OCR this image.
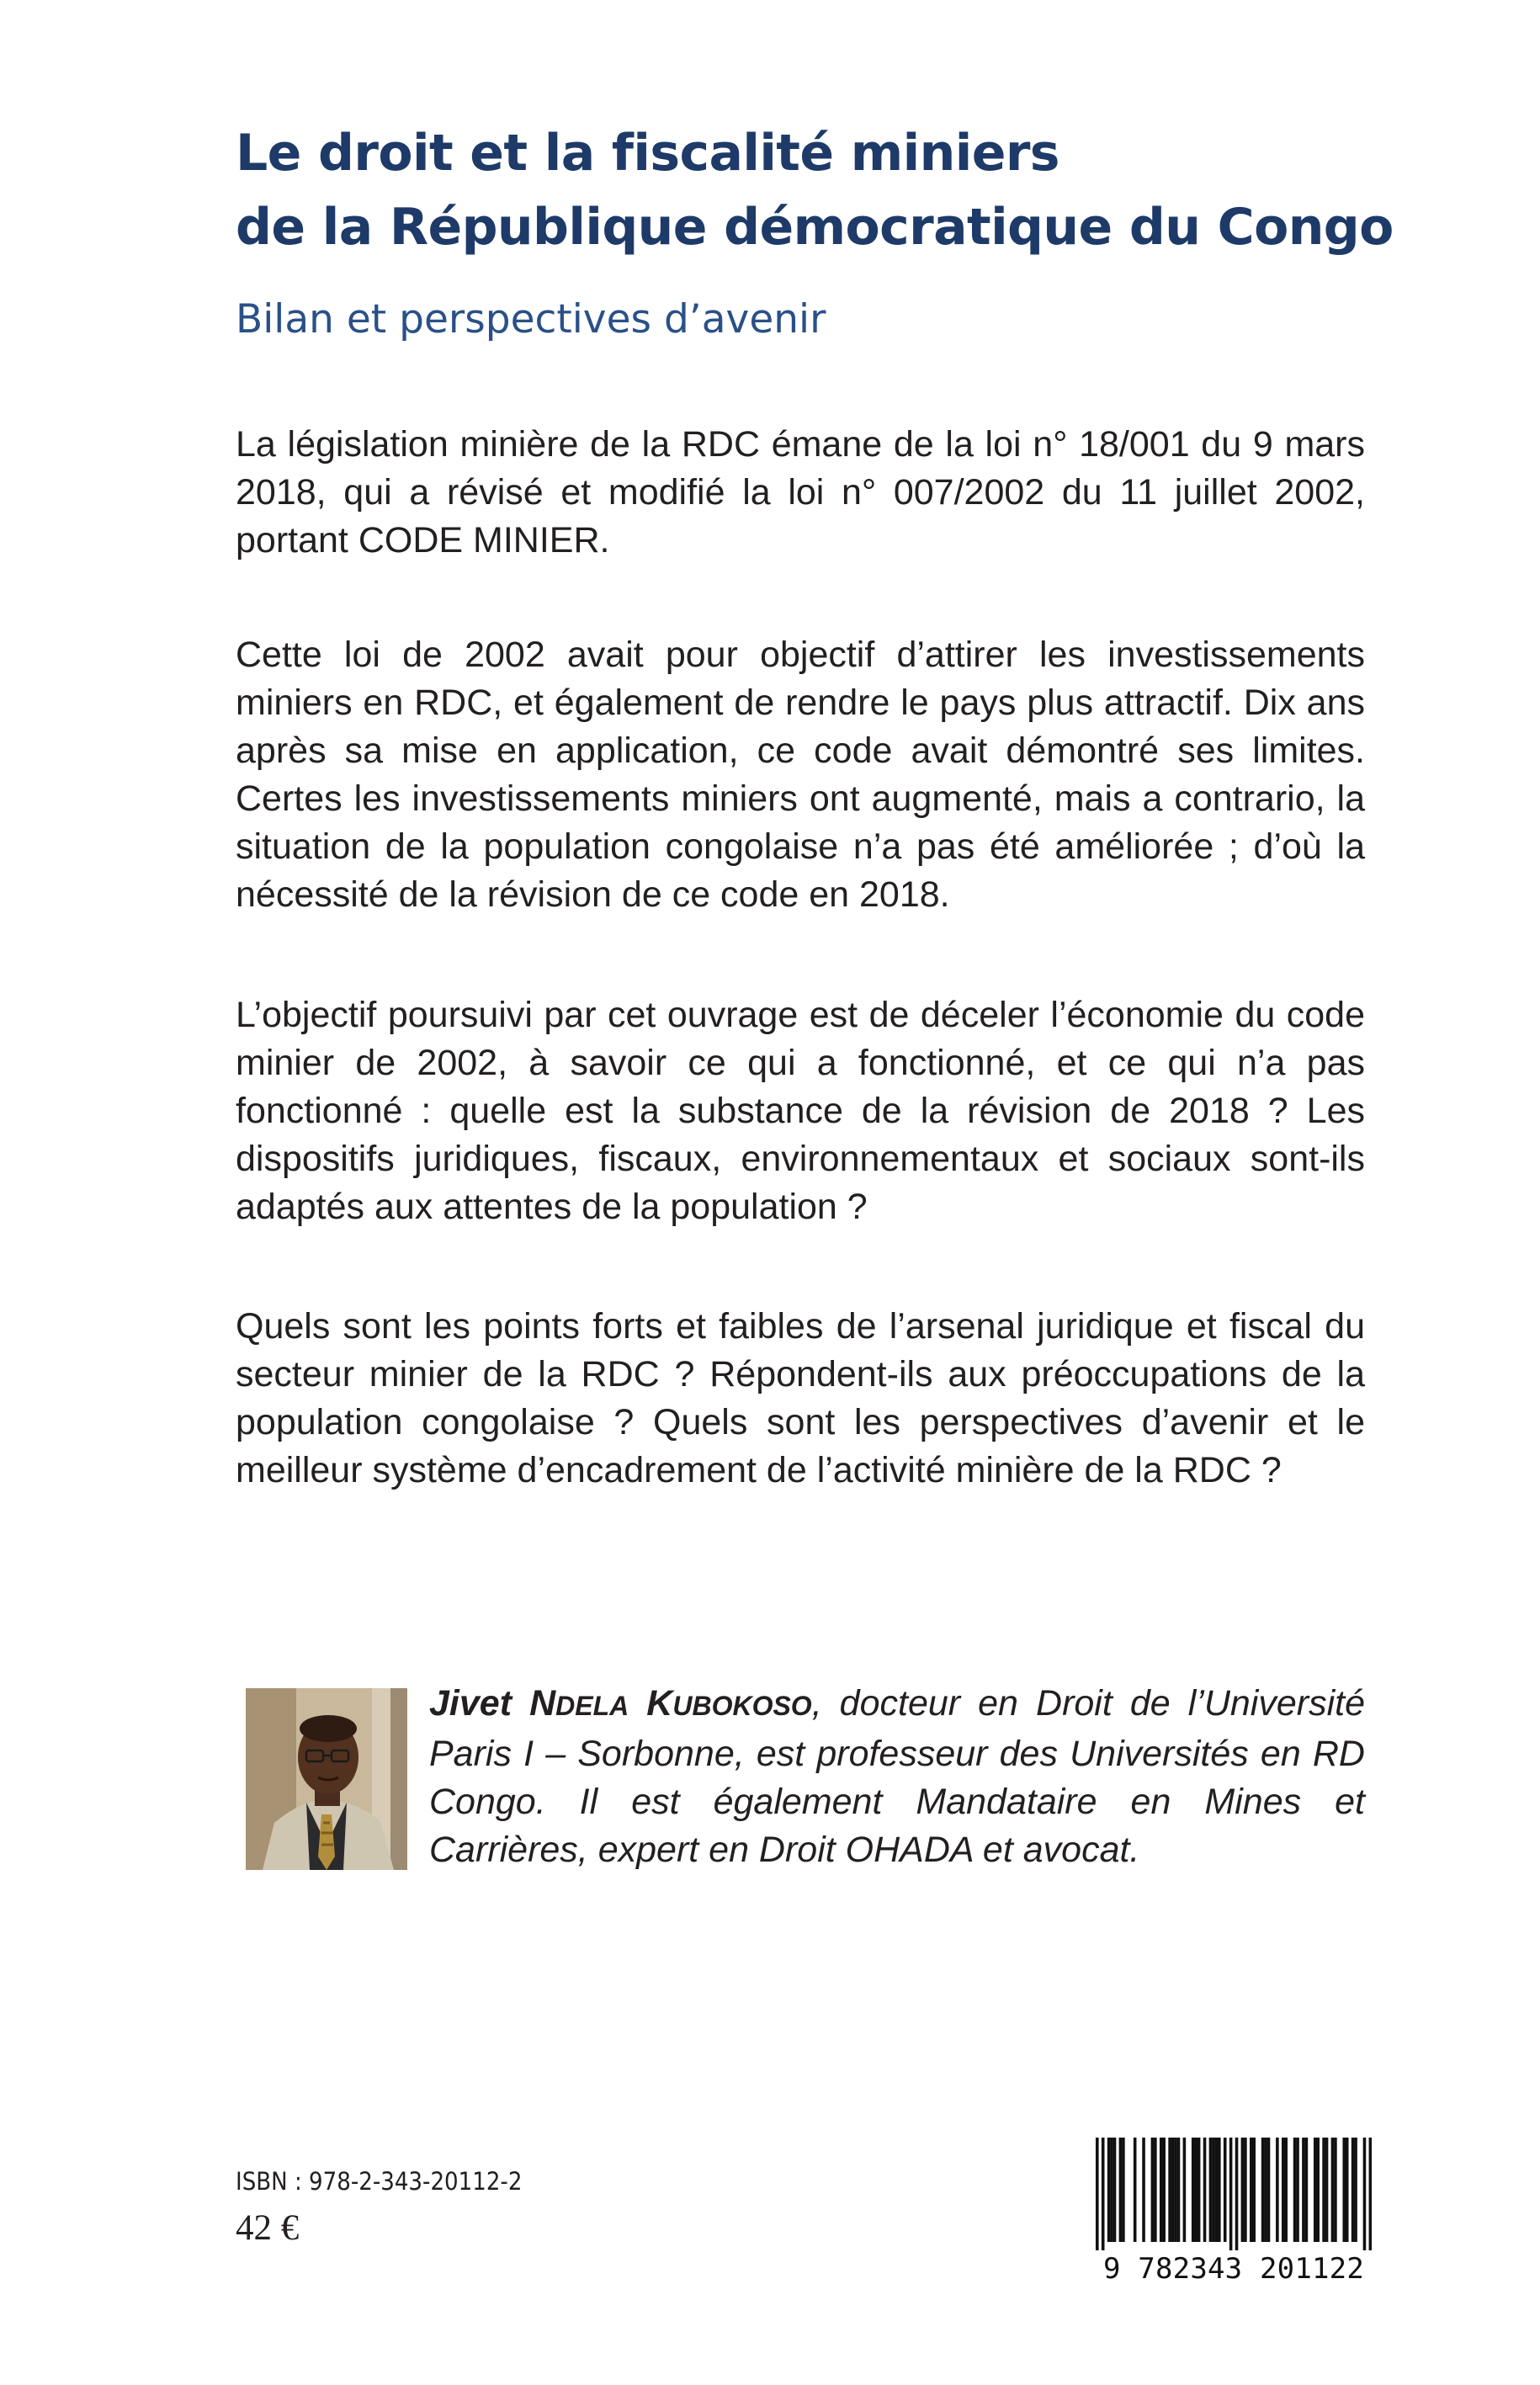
Le droit et la fiscalité miniers
de la République démocratique du Congo
Bilan et perspectives d’avenir

La législation minière de la RDC émane de la loi n° 18/001 du 9 mars 2018, qui a révisé et modifié la loi n° 007/2002 du 11 juillet 2002, portant CODE MINIER.

Cette loi de 2002 avait pour objectif d’attirer les investissements miniers en RDC, et également de rendre le pays plus attractif. Dix ans après sa mise en application, ce code avait démontré ses limites. Certes les investissements miniers ont augmenté, mais a contrario, la situation de la population congolaise n’a pas été améliorée ; d’où la nécessité de la révision de ce code en 2018.

L’objectif poursuivi par cet ouvrage est de déceler l’économie du code minier de 2002, à savoir ce qui a fonctionné, et ce qui n’a pas fonctionné : quelle est la substance de la révision de 2018 ? Les dispositifs juridiques, fiscaux, environnementaux et sociaux sont-ils adaptés aux attentes de la population ?

Quels sont les points forts et faibles de l’arsenal juridique et fiscal du secteur minier de la RDC ? Répondent-ils aux préoccupations de la population congolaise ? Quels sont les perspectives d’avenir et le meilleur système d’encadrement de l’activité minière de la RDC ?

Jivet NDELA KUBOKOSO, docteur en Droit de l’Université Paris I – Sorbonne, est professeur des Universités en RD Congo. Il est également Mandataire en Mines et Carrières, expert en Droit OHADA et avocat.

ISBN : 978-2-343-20112-2
42 €
9 782343 201122
